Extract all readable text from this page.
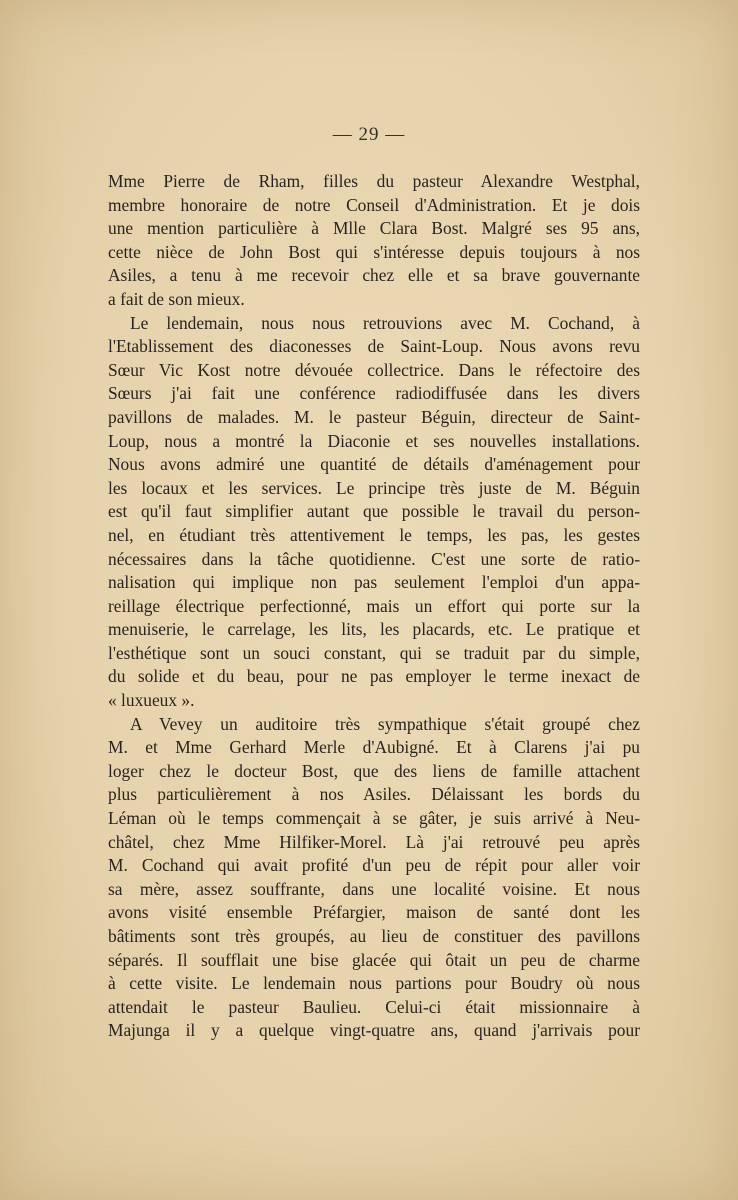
— 29 —
Mme Pierre de Rham, filles du pasteur Alexandre Westphal,
membre honoraire de notre Conseil d'Administration. Et je dois
une mention particulière à Mlle Clara Bost. Malgré ses 95 ans,
cette nièce de John Bost qui s'intéresse depuis toujours à nos
Asiles, a tenu à me recevoir chez elle et sa brave gouvernante
a fait de son mieux.
Le lendemain, nous nous retrouvions avec M. Cochand, à
l'Etablissement des diaconesses de Saint-Loup. Nous avons revu
Sœur Vic Kost notre dévouée collectrice. Dans le réfectoire des
Sœurs j'ai fait une conférence radiodiffusée dans les divers
pavillons de malades. M. le pasteur Béguin, directeur de Saint-
Loup, nous a montré la Diaconie et ses nouvelles installations.
Nous avons admiré une quantité de détails d'aménagement pour
les locaux et les services. Le principe très juste de M. Béguin
est qu'il faut simplifier autant que possible le travail du person-
nel, en étudiant très attentivement le temps, les pas, les gestes
nécessaires dans la tâche quotidienne. C'est une sorte de ratio-
nalisation qui implique non pas seulement l'emploi d'un appa-
reillage électrique perfectionné, mais un effort qui porte sur la
menuiserie, le carrelage, les lits, les placards, etc. Le pratique et
l'esthétique sont un souci constant, qui se traduit par du simple,
du solide et du beau, pour ne pas employer le terme inexact de
« luxueux ».
A Vevey un auditoire très sympathique s'était groupé chez
M. et Mme Gerhard Merle d'Aubigné. Et à Clarens j'ai pu
loger chez le docteur Bost, que des liens de famille attachent
plus particulièrement à nos Asiles. Délaissant les bords du
Léman où le temps commençait à se gâter, je suis arrivé à Neu-
châtel, chez Mme Hilfiker-Morel. Là j'ai retrouvé peu après
M. Cochand qui avait profité d'un peu de répit pour aller voir
sa mère, assez souffrante, dans une localité voisine. Et nous
avons visité ensemble Préfargier, maison de santé dont les
bâtiments sont très groupés, au lieu de constituer des pavillons
séparés. Il soufflait une bise glacée qui ôtait un peu de charme
à cette visite. Le lendemain nous partions pour Boudry où nous
attendait le pasteur Baulieu. Celui-ci était missionnaire à
Majunga il y a quelque vingt-quatre ans, quand j'arrivais pour
